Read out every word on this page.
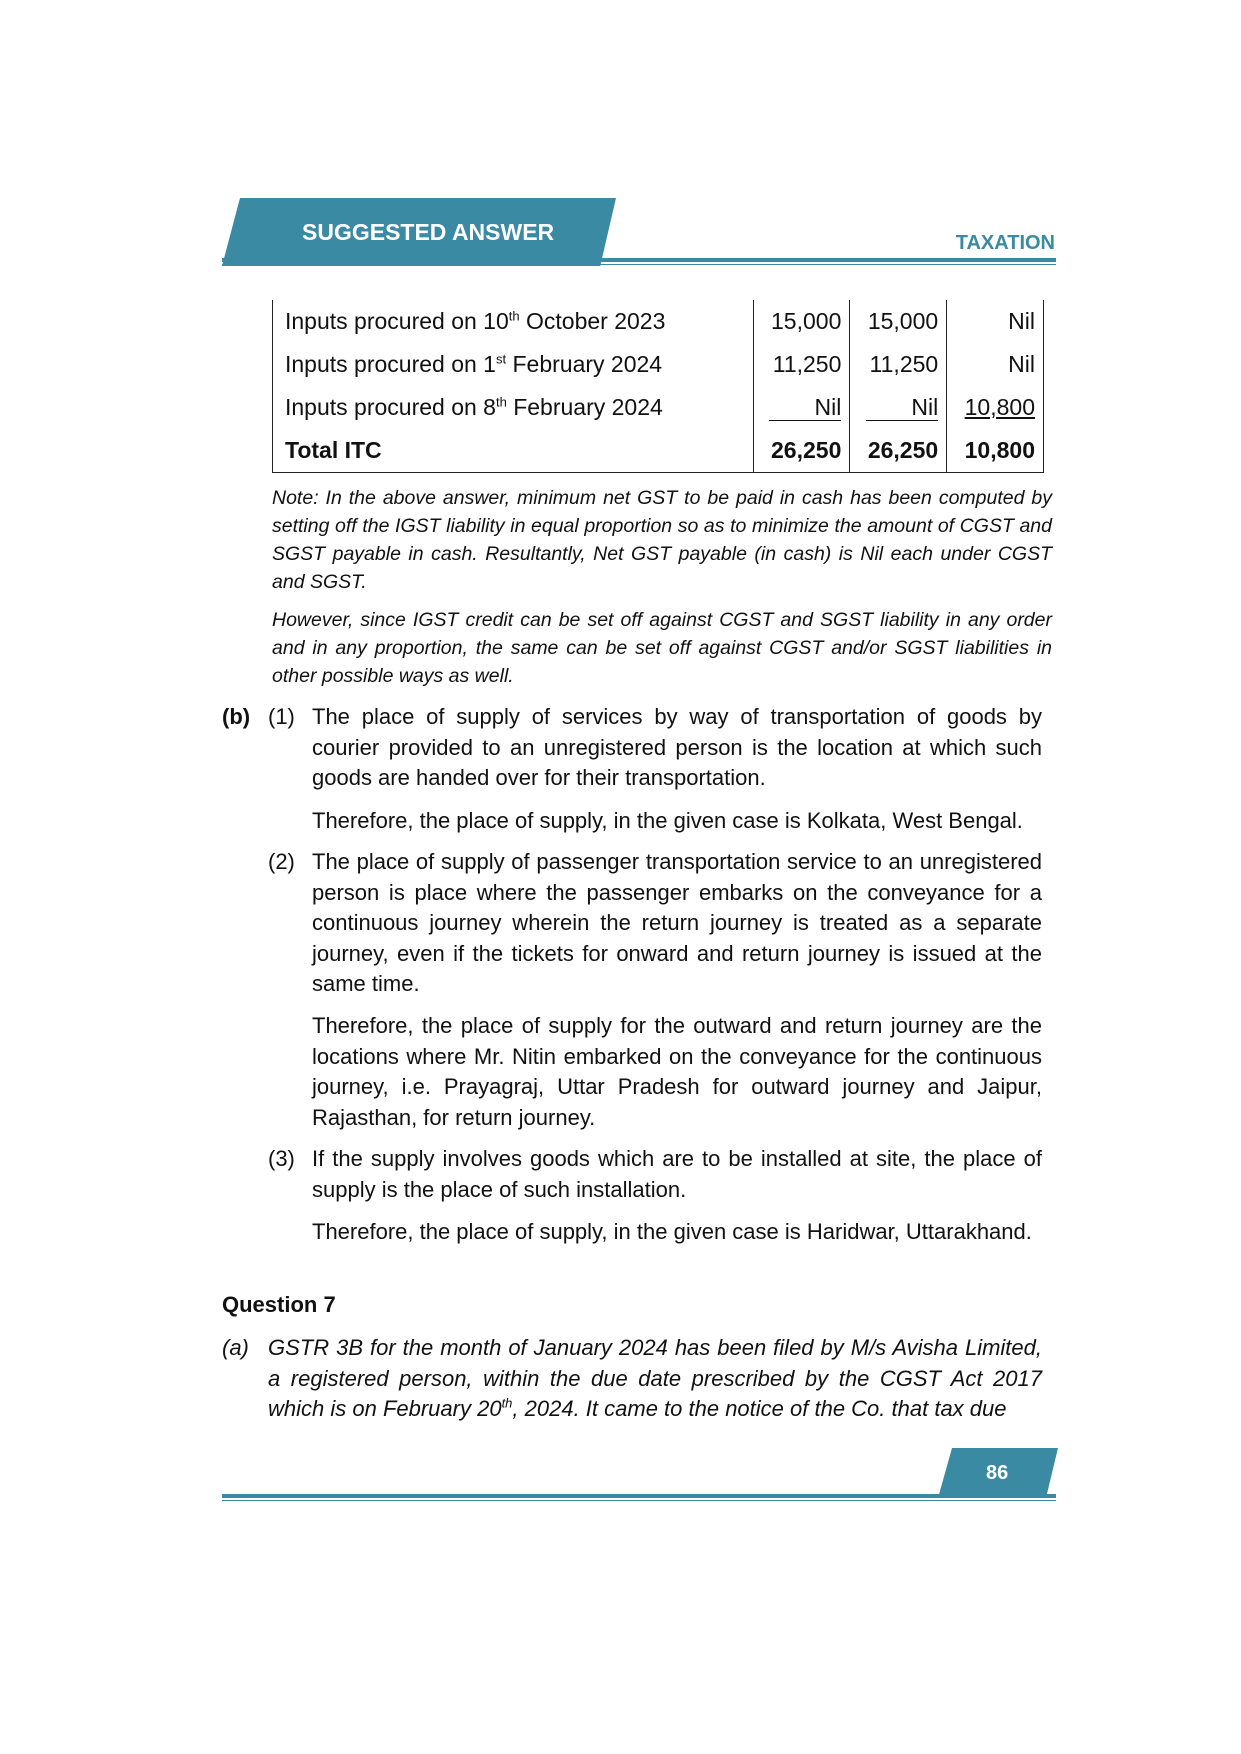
SUGGESTED ANSWER	TAXATION
Inputs procured on 10th October 2023	15,000	15,000	Nil
Inputs procured on 1st February 2024	11,250	11,250	Nil
Inputs procured on 8th February 2024	Nil	Nil	10,800
Total ITC	26,250	26,250	10,800
Note: In the above answer, minimum net GST to be paid in cash has been computed by setting off the IGST liability in equal proportion so as to minimize the amount of CGST and SGST payable in cash. Resultantly, Net GST payable (in cash) is Nil each under CGST and SGST.
However, since IGST credit can be set off against CGST and SGST liability in any order and in any proportion, the same can be set off against CGST and/or SGST liabilities in other possible ways as well.
(b) (1) The place of supply of services by way of transportation of goods by courier provided to an unregistered person is the location at which such goods are handed over for their transportation.
Therefore, the place of supply, in the given case is Kolkata, West Bengal.
(2) The place of supply of passenger transportation service to an unregistered person is place where the passenger embarks on the conveyance for a continuous journey wherein the return journey is treated as a separate journey, even if the tickets for onward and return journey is issued at the same time.
Therefore, the place of supply for the outward and return journey are the locations where Mr. Nitin embarked on the conveyance for the continuous journey, i.e. Prayagraj, Uttar Pradesh for outward journey and Jaipur, Rajasthan, for return journey.
(3) If the supply involves goods which are to be installed at site, the place of supply is the place of such installation.
Therefore, the place of supply, in the given case is Haridwar, Uttarakhand.
Question 7
(a) GSTR 3B for the month of January 2024 has been filed by M/s Avisha Limited, a registered person, within the due date prescribed by the CGST Act 2017 which is on February 20th, 2024. It came to the notice of the Co. that tax due
86
